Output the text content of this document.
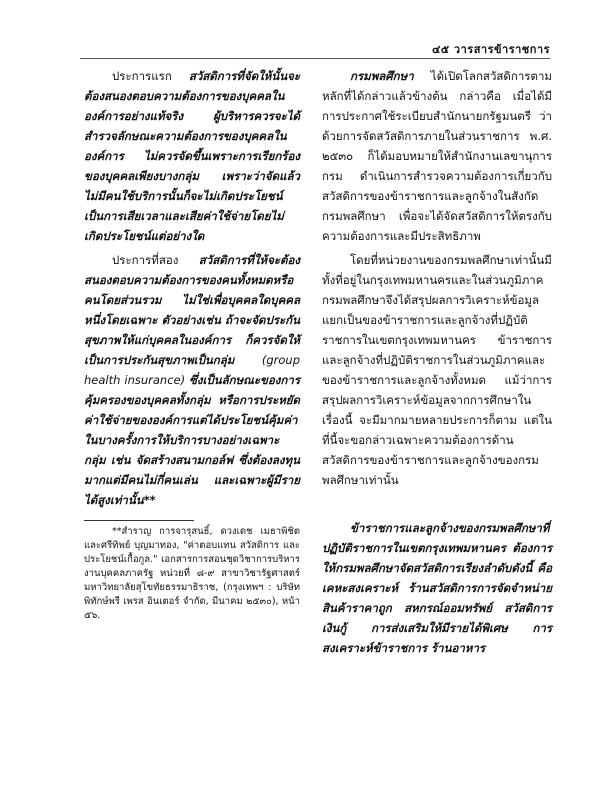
๔๕ วารสารข้าราชการ

ประการแรก สวัสดิการที่จัดให้นั้นจะต้องสนองตอบความต้องการของบุคคลในองค์การอย่างแท้จริง ผู้บริหารควรจะได้สำรวจลักษณะความต้องการของบุคคลในองค์การ ไม่ควรจัดขึ้นเพราะการเรียกร้องของบุคคลเพียงบางกลุ่ม เพราะว่าจัดแล้วไม่มีคนใช้บริการนั้นก็จะไม่เกิดประโยชน์เป็นการเสียเวลาและเสียค่าใช้จ่ายโดยไม่เกิดประโยชน์แต่อย่างใด

ประการที่สอง สวัสดิการที่ให้จะต้องสนองตอบความต้องการของคนทั้งหมดหรือคนโดยส่วนรวม ไม่ใช่เพื่อบุคคลใดบุคคลหนึ่งโดยเฉพาะ ตัวอย่างเช่น ถ้าจะจัดประกันสุขภาพให้แก่บุคคลในองค์การ ก็ควรจัดให้เป็นการประกันสุขภาพเป็นกลุ่ม (group health insurance) ซึ่งเป็นลักษณะของการคุ้มครองของบุคคลทั้งกลุ่ม หรือการประหยัดค่าใช้จ่ายขององค์การแต่ได้ประโยชน์คุ้มค่า ในบางครั้งการให้บริการบางอย่างเฉพาะกลุ่ม เช่น จัดสร้างสนามกอล์ฟ ซึ่งต้องลงทุนมากแต่มีคนไม่กี่คนเล่น และเฉพาะผู้มีรายได้สูงเท่านั้น**

**สำราญ การจารุสนธิ์, ดวงเดช เมธาพิชิต และศรีทิพย์ บุญมาทอง, "ค่าตอบแทน สวัสดิการ และประโยชน์เกื้อกูล." เอกสารการสอนชุดวิชาการบริหารงานบุคคลภาครัฐ หน่วยที่ ๘-๙ สาขาวิชารัฐศาสตร์ มหาวิทยาลัยสุโขทัยธรรมาธิราช, (กรุงเทพฯ : บริษัทพิทักษ์พรี เพรส อินเตอร์ จำกัด, มีนาคม ๒๕๓๐), หน้า ๕๖.

กรมพลศึกษา ได้เปิดโลกสวัสดิการตามหลักที่ได้กล่าวแล้วข้างต้น กล่าวคือ เมื่อได้มีการประกาศใช้ระเบียบสำนักนายกรัฐมนตรี ว่าด้วยการจัดสวัสดิการภายในส่วนราชการ พ.ศ. ๒๕๓๐ ก็ได้มอบหมายให้สำนักงานเลขานุการกรม ดำเนินการสำรวจความต้องการเกี่ยวกับสวัสดิการของข้าราชการและลูกจ้างในสังกัดกรมพลศึกษา เพื่อจะได้จัดสวัสดิการให้ตรงกับความต้องการและมีประสิทธิภาพ

โดยที่หน่วยงานของกรมพลศึกษาเท่านั้นมีทั้งที่อยู่ในกรุงเทพมหานครและในส่วนภูมิภาค กรมพลศึกษาจึงได้สรุปผลการวิเคราะห์ข้อมูลแยกเป็นของข้าราชการและลูกจ้างที่ปฏิบัติราชการในเขตกรุงเทพมหานคร ข้าราชการและลูกจ้างที่ปฏิบัติราชการในส่วนภูมิภาคและของข้าราชการและลูกจ้างทั้งหมด แม้ว่าการสรุปผลการวิเคราะห์ข้อมูลจากการศึกษาในเรื่องนี้ จะมีมากมายหลายประการก็ตาม แต่ในที่นี้จะขอกล่าวเฉพาะความต้องการด้านสวัสดิการของข้าราชการและลูกจ้างของกรมพลศึกษาเท่านั้น

ข้าราชการและลูกจ้างของกรมพลศึกษาที่ปฏิบัติราชการในเขตกรุงเทพมหานคร ต้องการให้กรมพลศึกษาจัดสวัสดิการเรียงลำดับดังนี้ คือ เคหะสงเคราะห์ ร้านสวัสดิการการจัดจำหน่ายสินค้าราคาถูก สหกรณ์ออมทรัพย์ สวัสดิการเงินกู้ การส่งเสริมให้มีรายได้พิเศษ การสงเคราะห์ข้าราชการ ร้านอาหาร
